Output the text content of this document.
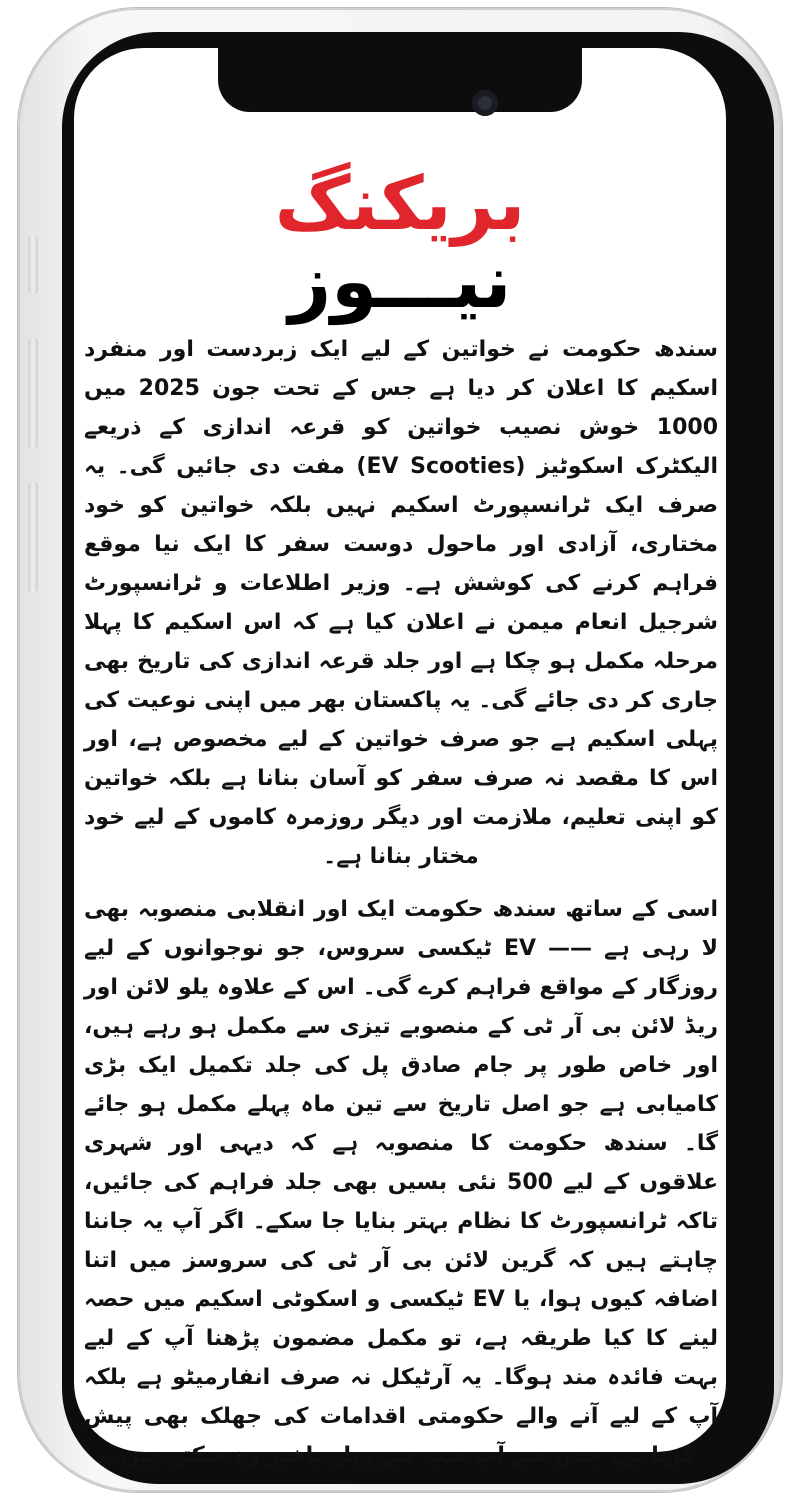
بریکنگ
نیـــوز
سندھ حکومت نے خواتین کے لیے ایک زبردست اور منفرد اسکیم کا اعلان کر دیا ہے جس کے تحت جون 2025 میں 1000 خوش نصیب خواتین کو قرعہ اندازی کے ذریعے الیکٹرک اسکوٹیز (EV Scooties) مفت دی جائیں گی۔ یہ صرف ایک ٹرانسپورٹ اسکیم نہیں بلکہ خواتین کو خود مختاری، آزادی اور ماحول دوست سفر کا ایک نیا موقع فراہم کرنے کی کوشش ہے۔ وزیر اطلاعات و ٹرانسپورٹ شرجیل انعام میمن نے اعلان کیا ہے کہ اس اسکیم کا پہلا مرحلہ مکمل ہو چکا ہے اور جلد قرعہ اندازی کی تاریخ بھی جاری کر دی جائے گی۔ یہ پاکستان بھر میں اپنی نوعیت کی پہلی اسکیم ہے جو صرف خواتین کے لیے مخصوص ہے، اور اس کا مقصد نہ صرف سفر کو آسان بنانا ہے بلکہ خواتین کو اپنی تعلیم، ملازمت اور دیگر روزمرہ کاموں کے لیے خود مختار بنانا ہے۔
اسی کے ساتھ سندھ حکومت ایک اور انقلابی منصوبہ بھی لا رہی ہے —— EV ٹیکسی سروس، جو نوجوانوں کے لیے روزگار کے مواقع فراہم کرے گی۔ اس کے علاوہ یلو لائن اور ریڈ لائن بی آر ٹی کے منصوبے تیزی سے مکمل ہو رہے ہیں، اور خاص طور پر جام صادق پل کی جلد تکمیل ایک بڑی کامیابی ہے جو اصل تاریخ سے تین ماہ پہلے مکمل ہو جائے گا۔ سندھ حکومت کا منصوبہ ہے کہ دیہی اور شہری علاقوں کے لیے 500 نئی بسیں بھی جلد فراہم کی جائیں، تاکہ ٹرانسپورٹ کا نظام بہتر بنایا جا سکے۔ اگر آپ یہ جاننا چاہتے ہیں کہ گرین لائن بی آر ٹی کی سروسز میں اتنا اضافہ کیوں ہوا، یا EV ٹیکسی و اسکوٹی اسکیم میں حصہ لینے کا کیا طریقہ ہے، تو مکمل مضمون پڑھنا آپ کے لیے بہت فائدہ مند ہوگا۔ یہ آرٹیکل نہ صرف انفارمیٹو ہے بلکہ آپ کے لیے آنے والے حکومتی اقدامات کی جھلک بھی پیش کرتا ہے، جس سے آپ سب سے پہلے باخبر رہ سکتے ہیں۔
